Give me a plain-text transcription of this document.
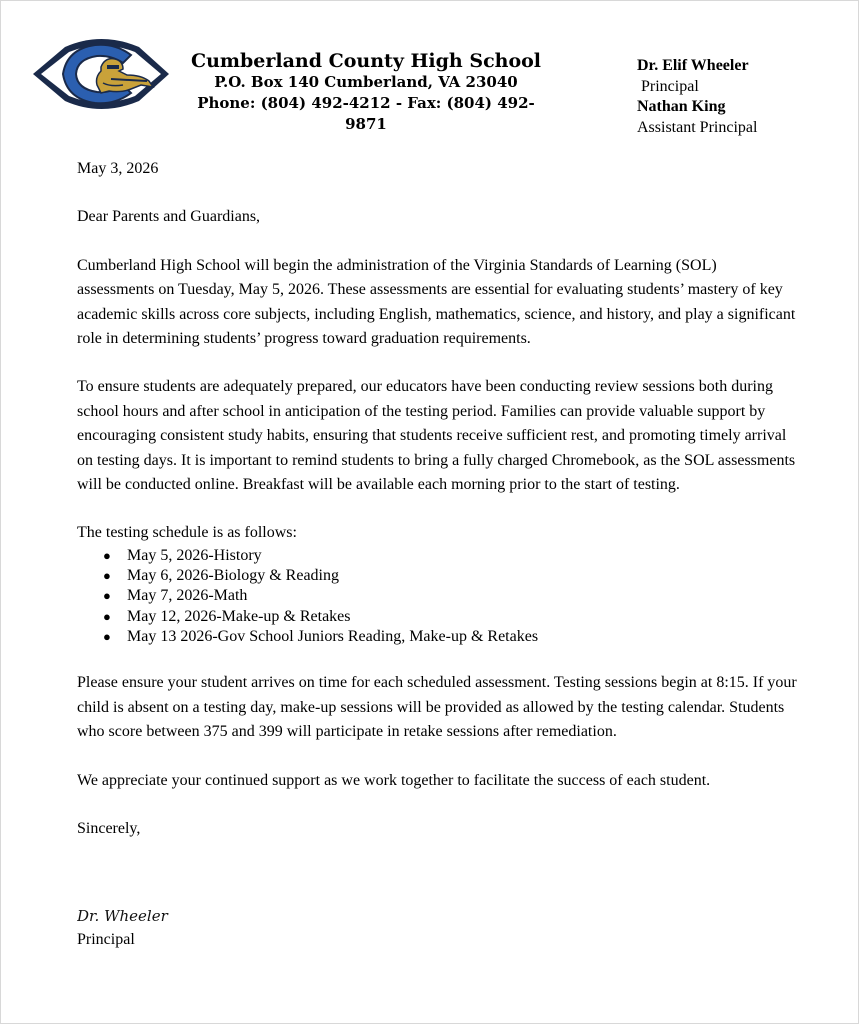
Cumberland County High School
P.O. Box 140 Cumberland, VA 23040
Phone: (804) 492-4212 - Fax: (804) 492-9871
Dr. Elif Wheeler
Principal
Nathan King
Assistant Principal

May 3, 2026

Dear Parents and Guardians,

Cumberland High School will begin the administration of the Virginia Standards of Learning (SOL) assessments on Tuesday, May 5, 2026. These assessments are essential for evaluating students’ mastery of key academic skills across core subjects, including English, mathematics, science, and history, and play a significant role in determining students’ progress toward graduation requirements.

To ensure students are adequately prepared, our educators have been conducting review sessions both during school hours and after school in anticipation of the testing period. Families can provide valuable support by encouraging consistent study habits, ensuring that students receive sufficient rest, and promoting timely arrival on testing days. It is important to remind students to bring a fully charged Chromebook, as the SOL assessments will be conducted online. Breakfast will be available each morning prior to the start of testing.

The testing schedule is as follows:

● May 5, 2026-History
● May 6, 2026-Biology & Reading
● May 7, 2026-Math
● May 12, 2026-Make-up & Retakes
● May 13 2026-Gov School Juniors Reading, Make-up & Retakes

Please ensure your student arrives on time for each scheduled assessment. Testing sessions begin at 8:15. If your child is absent on a testing day, make-up sessions will be provided as allowed by the testing calendar. Students who score between 375 and 399 will participate in retake sessions after remediation.

We appreciate your continued support as we work together to facilitate the success of each student.

Sincerely,

Dr. Wheeler
Principal
